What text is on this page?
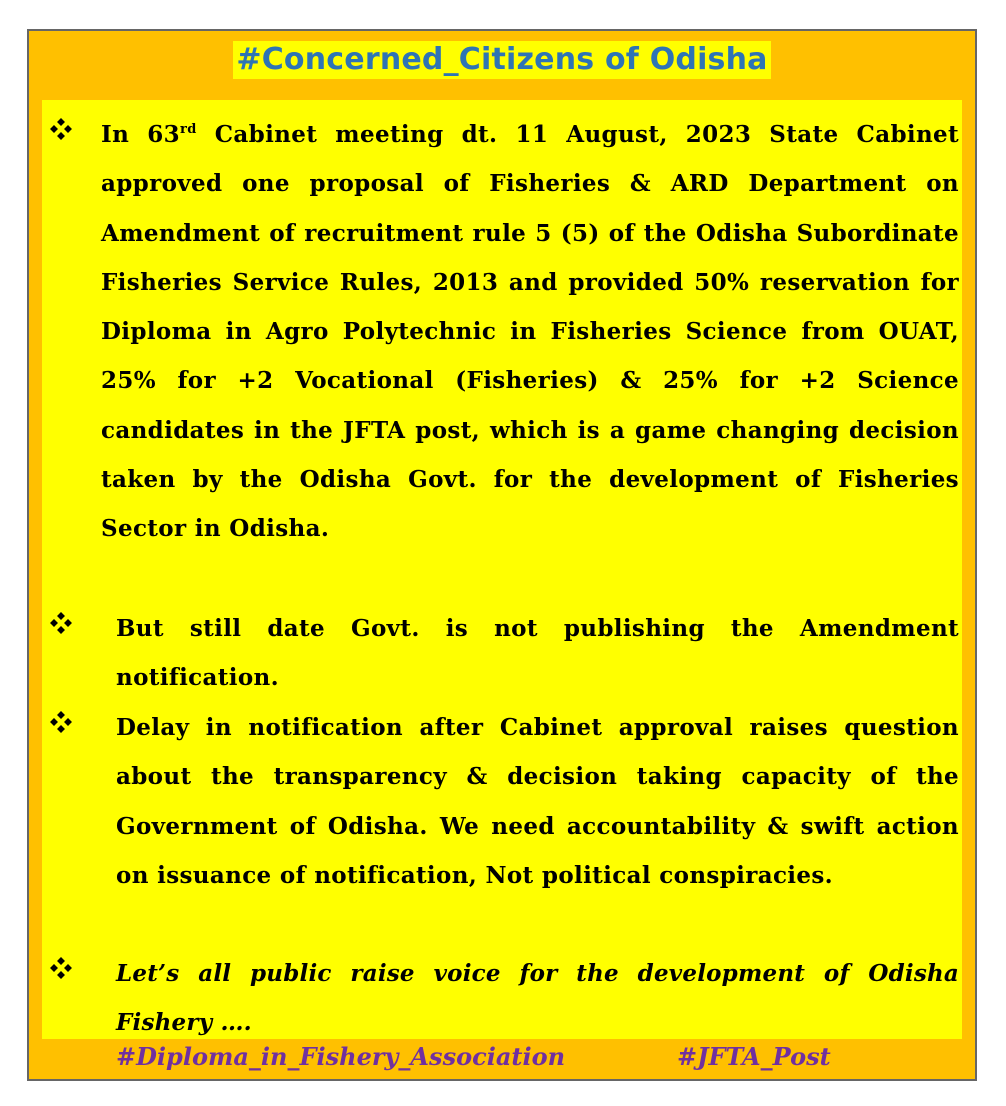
#Concerned_Citizens of Odisha
In 63rd Cabinet meeting dt. 11 August, 2023 State Cabinet approved one proposal of Fisheries & ARD Department on Amendment of recruitment rule 5 (5) of the Odisha Subordinate Fisheries Service Rules, 2013 and provided 50% reservation for Diploma in Agro Polytechnic in Fisheries Science from OUAT, 25% for +2 Vocational (Fisheries) & 25% for +2 Science candidates in the JFTA post, which is a game changing decision taken by the Odisha Govt. for the development of Fisheries Sector in Odisha.
But still date Govt. is not publishing the Amendment notification.
Delay in notification after Cabinet approval raises question about the transparency & decision taking capacity of the Government of Odisha. We need accountability & swift action on issuance of notification, Not political conspiracies.
Let’s all public raise voice for the development of Odisha Fishery ….
#Diploma_in_Fishery_Association	#JFTA_Post
